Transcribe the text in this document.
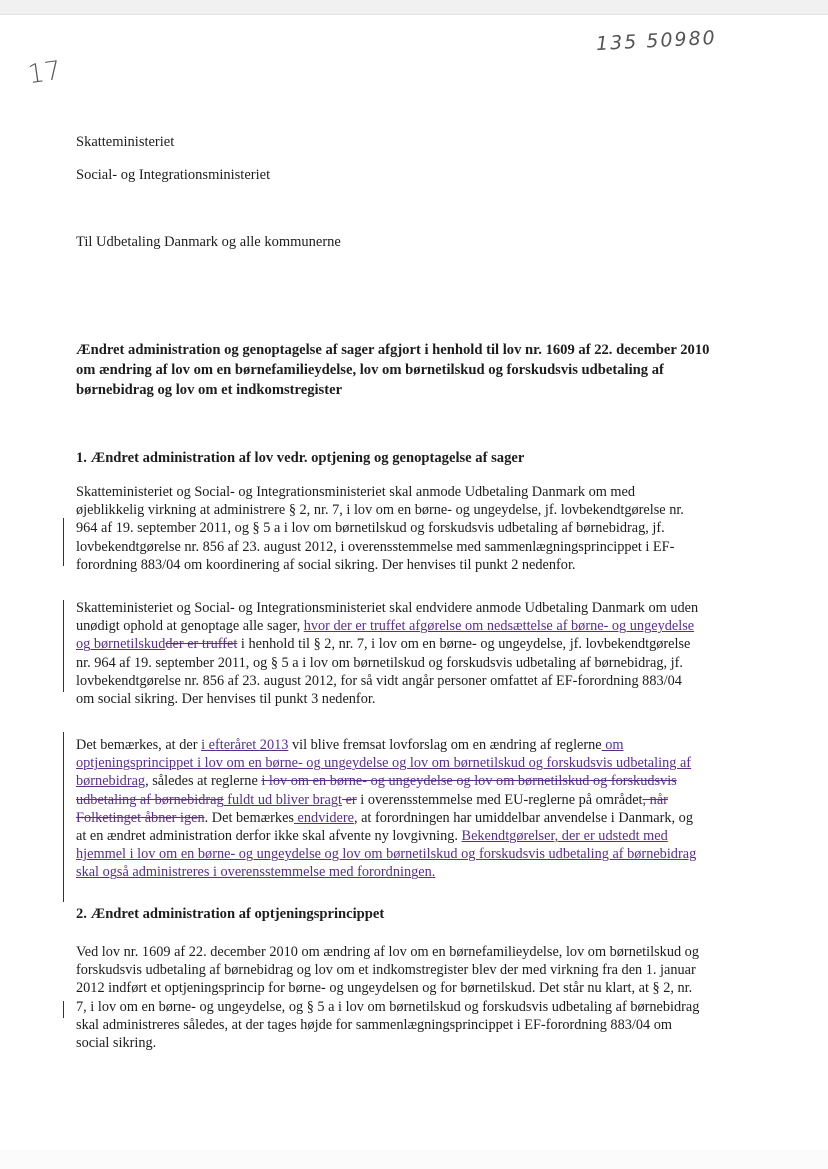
135 50980
17
Skatteministeriet
Social- og Integrationsministeriet
Til Udbetaling Danmark og alle kommunerne
Ændret administration og genoptagelse af sager afgjort i henhold til lov nr. 1609 af 22. december 2010
om ændring af lov om en børnefamilieydelse, lov om børnetilskud og forskudsvis udbetaling af
børnebidrag og lov om et indkomstregister
1. Ændret administration af lov vedr. optjening og genoptagelse af sager

Skatteministeriet og Social- og Integrationsministeriet skal anmode Udbetaling Danmark om med

øjeblikkelig virkning at administrere § 2, nr. 7, i lov om en børne- og ungeydelse, jf. lovbekendtgørelse nr.

964 af 19. september 2011, og § 5 a i lov om børnetilskud og forskudsvis udbetaling af børnebidrag, jf.

lovbekendtgørelse nr. 856 af 23. august 2012, i overensstemmelse med sammenlægningsprincippet i EF-

forordning 883/04 om koordinering af social sikring. Der henvises til punkt 2 nedenfor.

Skatteministeriet og Social- og Integrationsministeriet skal endvidere anmode Udbetaling Danmark om uden

unødigt ophold at genoptage alle sager, hvor der er truffet afgørelse om nedsættelse af børne- og ungeydelse

og børnetilskudder er truffet i henhold til § 2, nr. 7, i lov om en børne- og ungeydelse, jf. lovbekendtgørelse

nr. 964 af 19. september 2011, og § 5 a i lov om børnetilskud og forskudsvis udbetaling af børnebidrag, jf.

lovbekendtgørelse nr. 856 af 23. august 2012, for så vidt angår personer omfattet af EF-forordning 883/04

om social sikring. Der henvises til punkt 3 nedenfor.

Det bemærkes, at der i efteråret 2013 vil blive fremsat lovforslag om en ændring af reglerne om

optjeningsprincippet i lov om en børne- og ungeydelse og lov om børnetilskud og forskudsvis udbetaling af

børnebidrag, således at reglerne i lov om en børne- og ungeydelse og lov om børnetilskud og forskudsvis

udbetaling af børnebidrag fuldt ud bliver bragt er i overensstemmelse med EU-reglerne på området, når

Folketinget åbner igen. Det bemærkes endvidere, at forordningen har umiddelbar anvendelse i Danmark, og

at en ændret administration derfor ikke skal afvente ny lovgivning. Bekendtgørelser, der er udstedt med

hjemmel i lov om en børne- og ungeydelse og lov om børnetilskud og forskudsvis udbetaling af børnebidrag

skal også administreres i overensstemmelse med forordningen.

2. Ændret administration af optjeningsprincippet

Ved lov nr. 1609 af 22. december 2010 om ændring af lov om en børnefamilieydelse, lov om børnetilskud og

forskudsvis udbetaling af børnebidrag og lov om et indkomstregister blev der med virkning fra den 1. januar

2012 indført et optjeningsprincip for børne- og ungeydelsen og for børnetilskud. Det står nu klart, at § 2, nr.

7, i lov om en børne- og ungeydelse, og § 5 a i lov om børnetilskud og forskudsvis udbetaling af børnebidrag

skal administreres således, at der tages højde for sammenlægningsprincippet i EF-forordning 883/04 om

social sikring.
